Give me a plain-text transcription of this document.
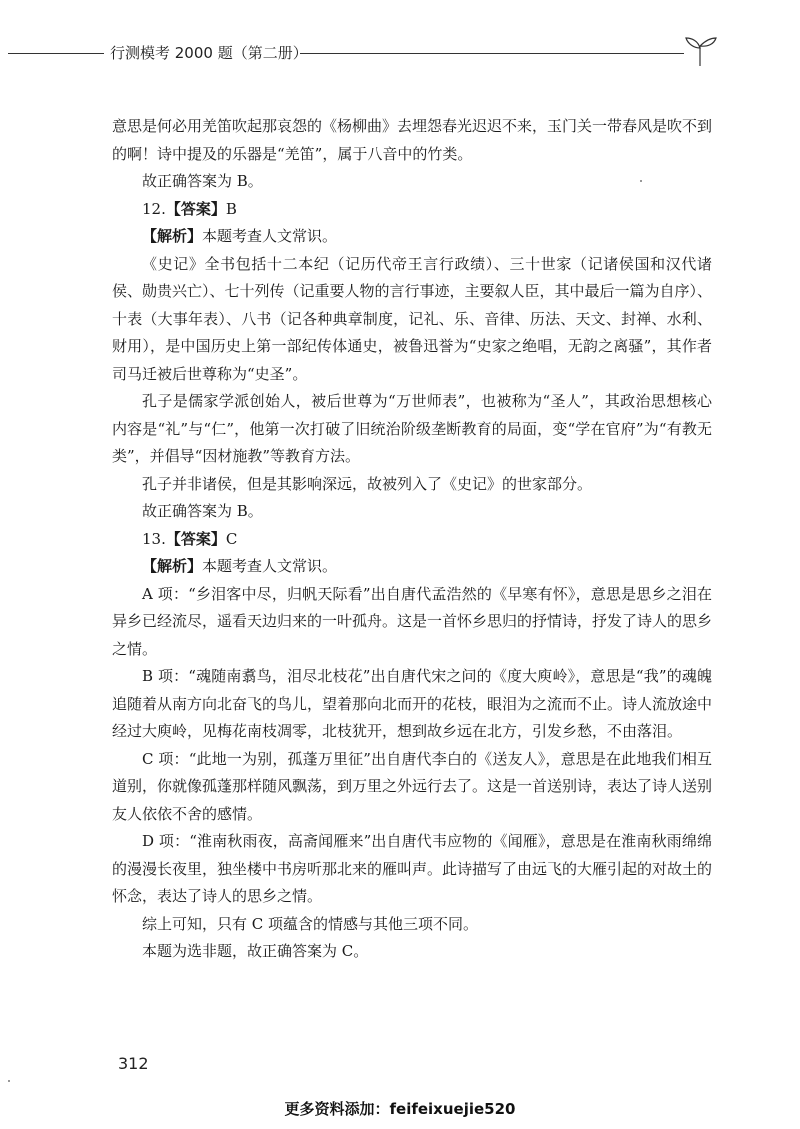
行测模考 2000 题（第二册）

意思是何必用羌笛吹起那哀怨的《杨柳曲》去埋怨春光迟迟不来，玉门关一带春风是吹不到的啊！诗中提及的乐器是“羌笛”，属于八音中的竹类。

故正确答案为 B。

12.【答案】B

【解析】本题考查人文常识。

《史记》全书包括十二本纪（记历代帝王言行政绩）、三十世家（记诸侯国和汉代诸侯、勋贵兴亡）、七十列传（记重要人物的言行事迹，主要叙人臣，其中最后一篇为自序）、十表（大事年表）、八书（记各种典章制度，记礼、乐、音律、历法、天文、封禅、水利、财用），是中国历史上第一部纪传体通史，被鲁迅誉为“史家之绝唱，无韵之离骚”，其作者司马迁被后世尊称为“史圣”。

孔子是儒家学派创始人，被后世尊为“万世师表”，也被称为“圣人”，其政治思想核心内容是“礼”与“仁”，他第一次打破了旧统治阶级垄断教育的局面，变“学在官府”为“有教无类”，并倡导“因材施教”等教育方法。

孔子并非诸侯，但是其影响深远，故被列入了《史记》的世家部分。

故正确答案为 B。

13.【答案】C

【解析】本题考查人文常识。

A 项：“乡泪客中尽，归帆天际看”出自唐代孟浩然的《早寒有怀》，意思是思乡之泪在异乡已经流尽，遥看天边归来的一叶孤舟。这是一首怀乡思归的抒情诗，抒发了诗人的思乡之情。

B 项：“魂随南翥鸟，泪尽北枝花”出自唐代宋之问的《度大庾岭》，意思是“我”的魂魄追随着从南方向北奋飞的鸟儿，望着那向北而开的花枝，眼泪为之流而不止。诗人流放途中经过大庾岭，见梅花南枝凋零，北枝犹开，想到故乡远在北方，引发乡愁，不由落泪。

C 项：“此地一为别，孤蓬万里征”出自唐代李白的《送友人》，意思是在此地我们相互道别，你就像孤蓬那样随风飘荡，到万里之外远行去了。这是一首送别诗，表达了诗人送别友人依依不舍的感情。

D 项：“淮南秋雨夜，高斋闻雁来”出自唐代韦应物的《闻雁》，意思是在淮南秋雨绵绵的漫漫长夜里，独坐楼中书房听那北来的雁叫声。此诗描写了由远飞的大雁引起的对故土的怀念，表达了诗人的思乡之情。

综上可知，只有 C 项蕴含的情感与其他三项不同。

本题为选非题，故正确答案为 C。

312
更多资料添加：feifeixuejie520
